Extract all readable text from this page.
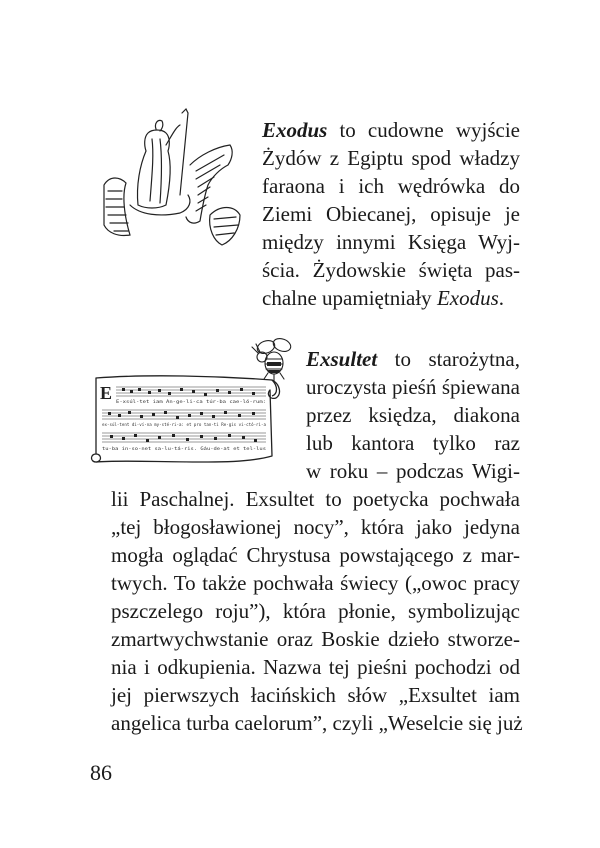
Exodus to cudowne wyjście
Żydów z Egiptu spod władzy
faraona i ich wędrówka do
Ziemi Obiecanej, opisuje je
między innymi Księga Wyj-
ścia. Żydowskie święta pas-
chalne upamiętniały Exodus.
E E-xsúl-tet iam An-ge-li-ca túr-ba cae-ló-rum:
ex-súl-tent di-ví-na my-sté-ri-a: et pro tan-ti Re-gis vi-ctó-ri-a
tu-ba ín-so-net sa-lu-tá-ris. Gáu-de-at et tel-lus
Exsultet to starożytna,
uroczysta pieśń śpiewana
przez księdza, diakona
lub kantora tylko raz
w roku – podczas Wigi-
lii Paschalnej. Exsultet to poetycka pochwała
„tej błogosławionej nocy”, która jako jedyna
mogła oglądać Chrystusa powstającego z mar-
twych. To także pochwała świecy („owoc pracy
pszczelego roju”), która płonie, symbolizując
zmartwychwstanie oraz Boskie dzieło stworze-
nia i odkupienia. Nazwa tej pieśni pochodzi od
jej pierwszych łacińskich słów „Exsultet iam
angelica turba caelorum”, czyli „Weselcie się już
86
